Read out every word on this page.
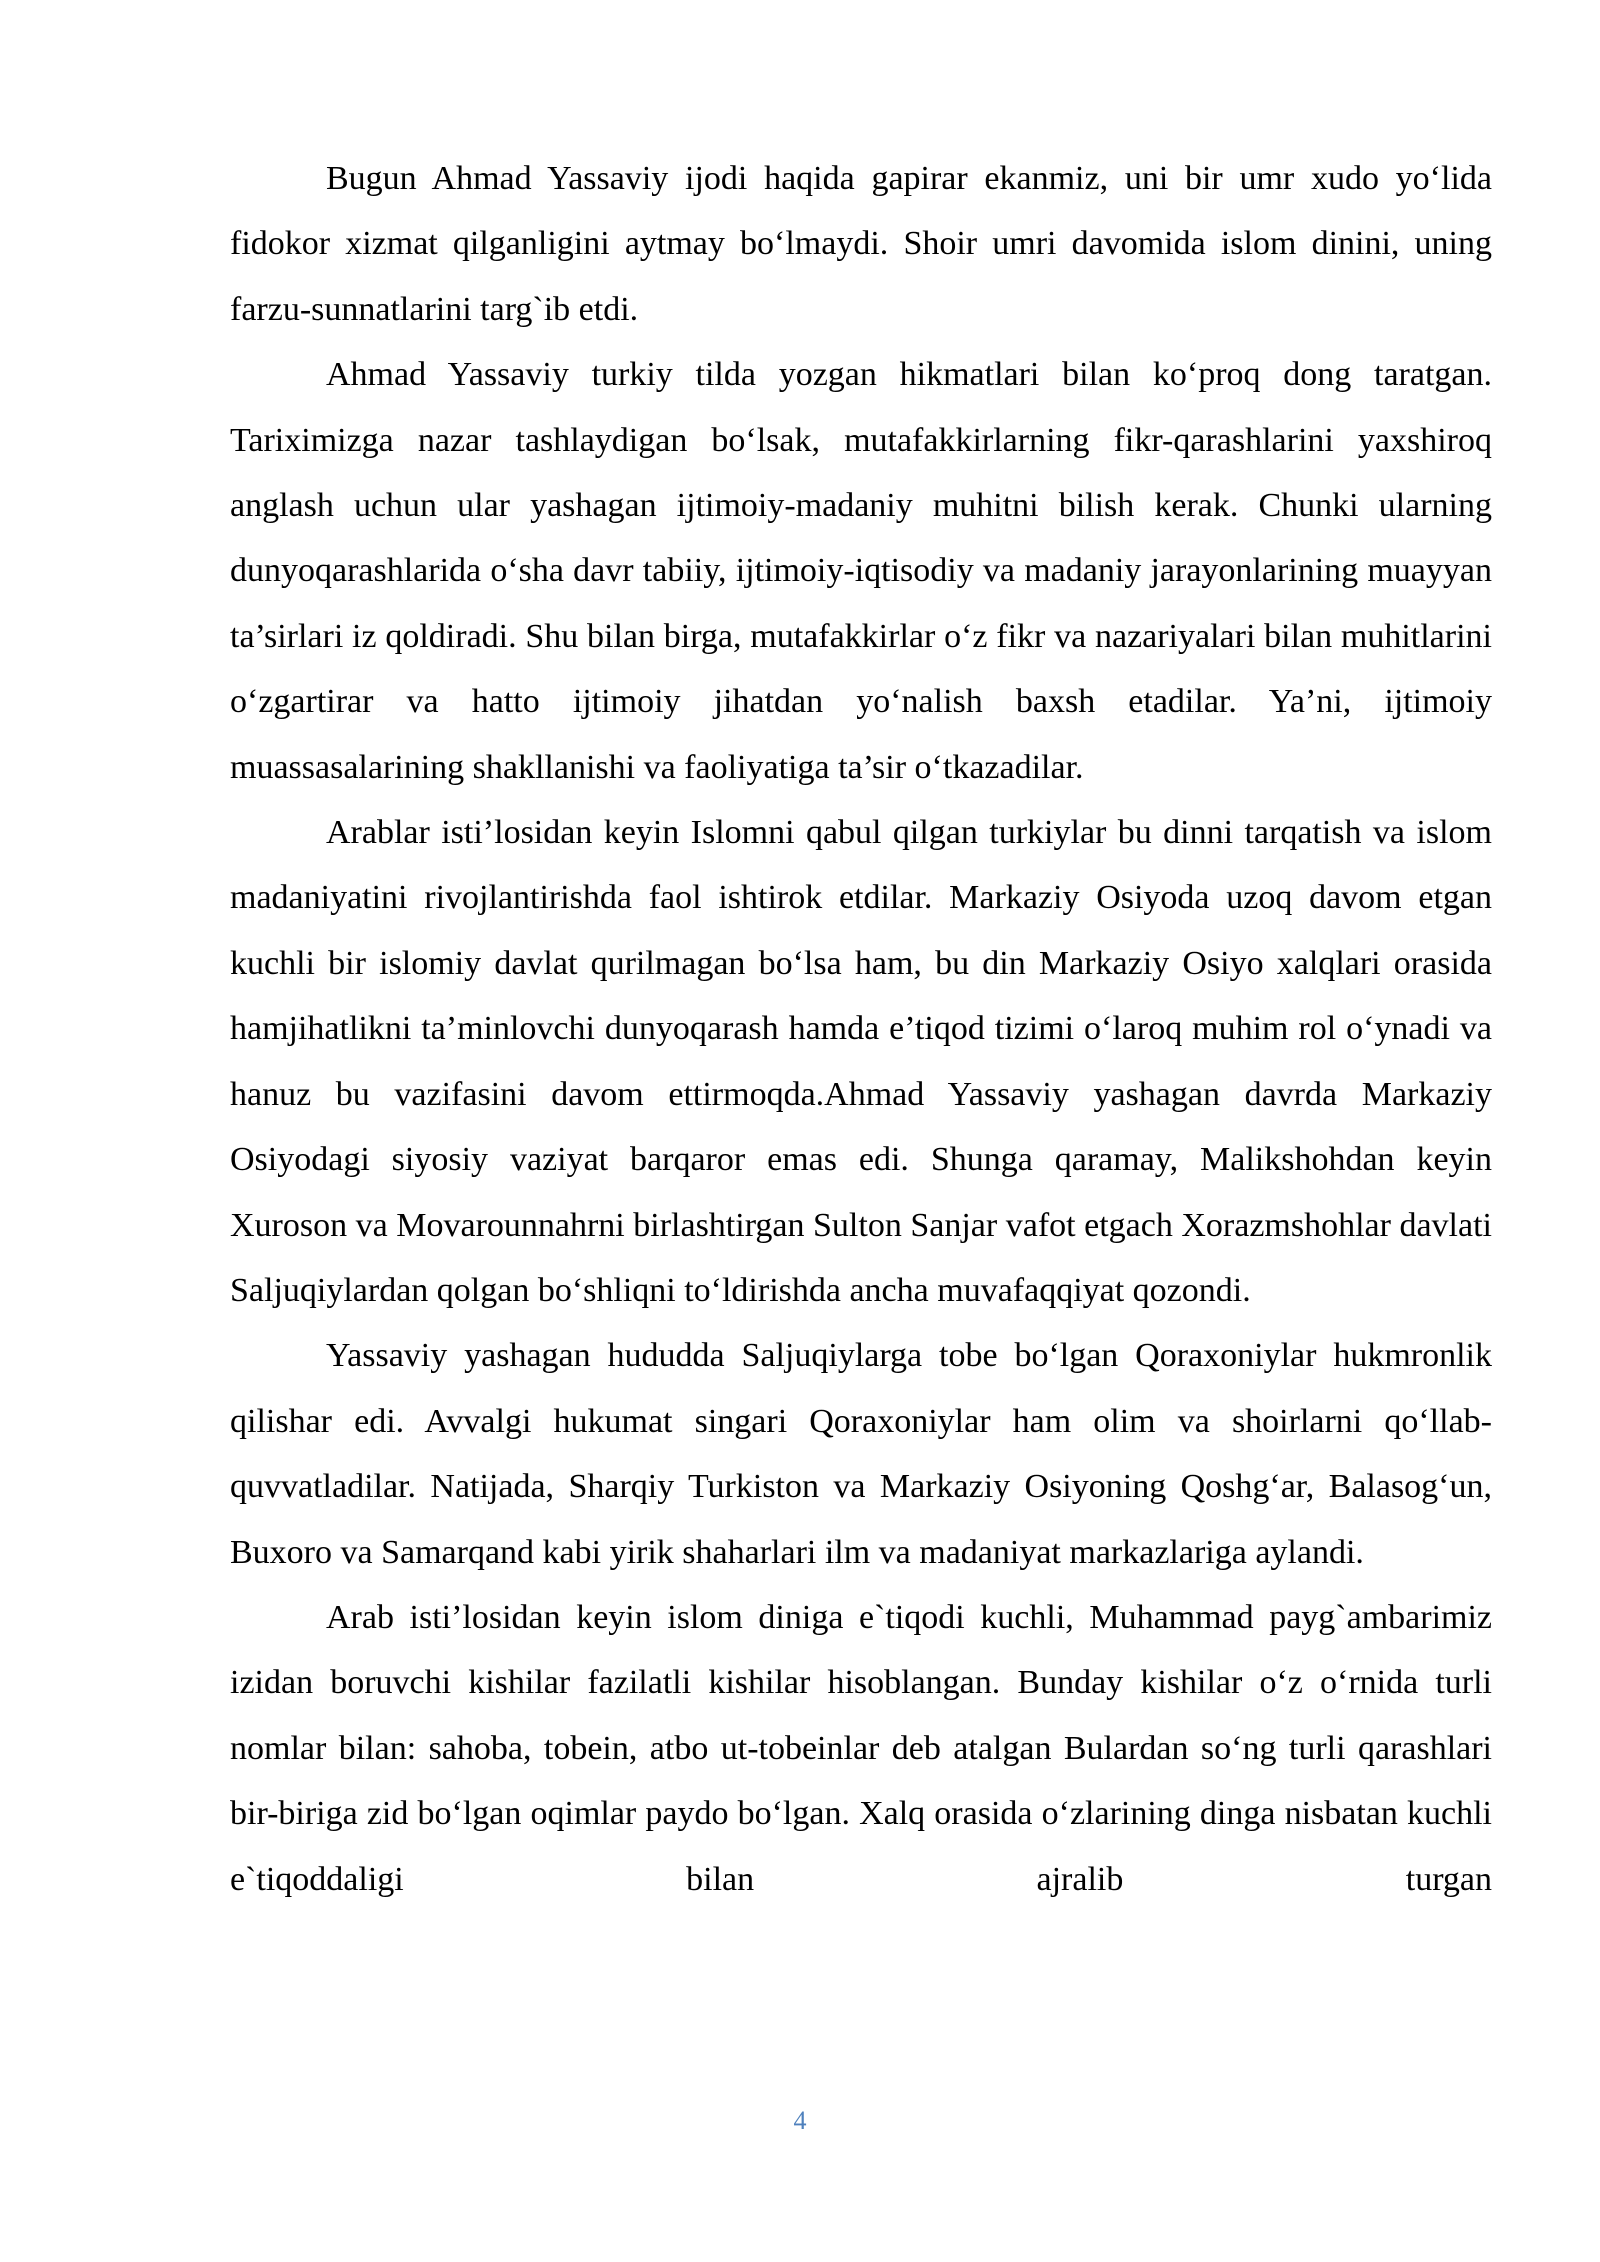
Bugun Ahmad Yassaviy ijodi haqida gapirar ekanmiz, uni bir umr xudo yo‘lida fidokor xizmat qilganligini aytmay bo‘lmaydi. Shoir umri davomida islom dinini, uning farzu-sunnatlarini targ`ib etdi.

Ahmad Yassaviy turkiy tilda yozgan hikmatlari bilan ko‘proq dong taratgan. Tariximizga nazar tashlaydigan bo‘lsak, mutafakkirlarning fikr-qarashlarini yaxshiroq anglash uchun ular yashagan ijtimoiy-madaniy muhitni bilish kerak. Chunki ularning dunyoqarashlarida o‘sha davr tabiiy, ijtimoiy-iqtisodiy va madaniy jarayonlarining muayyan ta’sirlari iz qoldiradi. Shu bilan birga, mutafakkirlar o‘z fikr va nazariyalari bilan muhitlarini o‘zgartirar va hatto ijtimoiy jihatdan yo‘nalish baxsh etadilar. Ya’ni, ijtimoiy muassasalarining shakllanishi va faoliyatiga ta’sir o‘tkazadilar.

Arablar isti’losidan keyin Islomni qabul qilgan turkiylar bu dinni tarqatish va islom madaniyatini rivojlantirishda faol ishtirok etdilar. Markaziy Osiyoda uzoq davom etgan kuchli bir islomiy davlat qurilmagan bo‘lsa ham, bu din Markaziy Osiyo xalqlari orasida hamjihatlikni ta’minlovchi dunyoqarash hamda e’tiqod tizimi o‘laroq muhim rol o‘ynadi va hanuz bu vazifasini davom ettirmoqda.Ahmad Yassaviy yashagan davrda Markaziy Osiyodagi siyosiy vaziyat barqaror emas edi. Shunga qaramay, Malikshohdan keyin Xuroson va Movarounnahrni birlashtirgan Sulton Sanjar vafot etgach Xorazmshohlar davlati Saljuqiylardan qolgan bo‘shliqni to‘ldirishda ancha muvafaqqiyat qozondi.

Yassaviy yashagan hududda Saljuqiylarga tobe bo‘lgan Qoraxoniylar hukmronlik qilishar edi. Avvalgi hukumat singari Qoraxoniylar ham olim va shoirlarni qo‘llab-quvvatladilar. Natijada, Sharqiy Turkiston va Markaziy Osiyoning Qoshg‘ar, Balasog‘un, Buxoro va Samarqand kabi yirik shaharlari ilm va madaniyat markazlariga aylandi.

Arab isti’losidan keyin islom diniga e`tiqodi kuchli, Muhammad payg`ambarimiz izidan boruvchi kishilar fazilatli kishilar hisoblangan. Bunday kishilar o‘z o‘rnida turli nomlar bilan: sahoba, tobein, atbo ut-tobeinlar deb atalgan Bulardan so‘ng turli qarashlari bir-biriga zid bo‘lgan oqimlar paydo bo‘lgan. Xalq orasida o‘zlarining dinga nisbatan kuchli e`tiqoddaligi bilan ajralib turgan

4
